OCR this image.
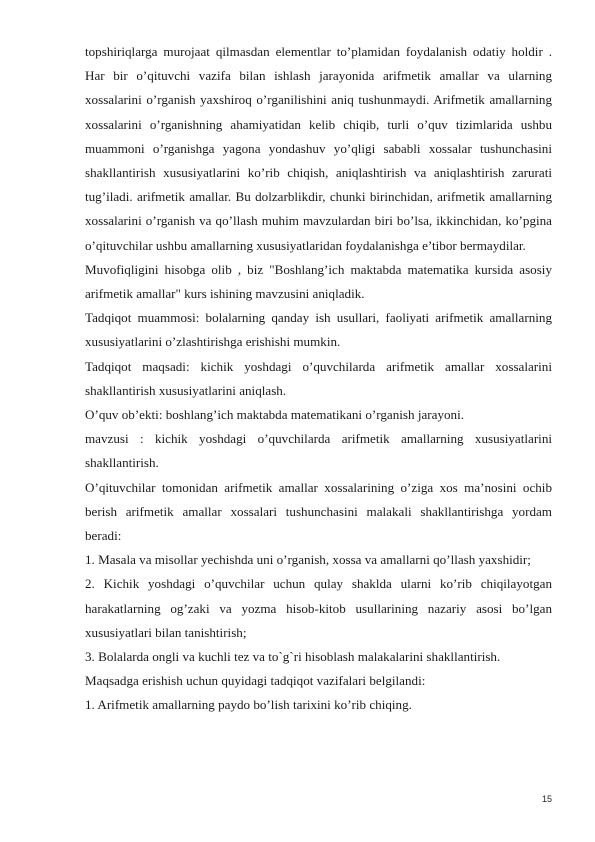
topshiriqlarga murojaat qilmasdan elementlar to’plamidan foydalanish odatiy holdir . Har bir o’qituvchi vazifa bilan ishlash jarayonida arifmetik amallar va ularning xossalarini o’rganish yaxshiroq o’rganilishini aniq tushunmaydi. Arifmetik amallarning xossalarini o’rganishning ahamiyatidan kelib chiqib, turli o’quv tizimlarida ushbu muammoni o’rganishga yagona yondashuv yo’qligi sababli xossalar tushunchasini shakllantirish xususiyatlarini ko’rib chiqish, aniqlashtirish va aniqlashtirish zarurati tug’iladi. arifmetik amallar. Bu dolzarblikdir, chunki birinchidan, arifmetik amallarning xossalarini o’rganish va qo’llash muhim mavzulardan biri bo’lsa, ikkinchidan, ko’pgina o’qituvchilar ushbu amallarning xususiyatlaridan foydalanishga e’tibor bermaydilar.

Muvofiqligini hisobga olib , biz "Boshlang’ich maktabda matematika kursida asosiy arifmetik amallar" kurs ishining mavzusini aniqladik.

Tadqiqot muammosi: bolalarning qanday ish usullari, faoliyati arifmetik amallarning xususiyatlarini o’zlashtirishga erishishi mumkin.

Tadqiqot maqsadi: kichik yoshdagi o’quvchilarda arifmetik amallar xossalarini shakllantirish xususiyatlarini aniqlash.

O’quv ob’ekti: boshlang’ich maktabda matematikani o’rganish jarayoni.

mavzusi : kichik yoshdagi o’quvchilarda arifmetik amallarning xususiyatlarini shakllantirish.

O’qituvchilar tomonidan arifmetik amallar xossalarining o’ziga xos ma’nosini ochib berish arifmetik amallar xossalari tushunchasini malakali shakllantirishga yordam beradi:

1. Masala va misollar yechishda uni o’rganish, xossa va amallarni qo’llash yaxshidir;

2. Kichik yoshdagi o’quvchilar uchun qulay shaklda ularni ko’rib chiqilayotgan harakatlarning og’zaki va yozma hisob-kitob usullarining nazariy asosi bo’lgan xususiyatlari bilan tanishtirish;

3. Bolalarda ongli va kuchli tez va to`g`ri hisoblash malakalarini shakllantirish.

Maqsadga erishish uchun quyidagi tadqiqot vazifalari belgilandi:

1. Arifmetik amallarning paydo bo’lish tarixini ko’rib chiqing.

15
